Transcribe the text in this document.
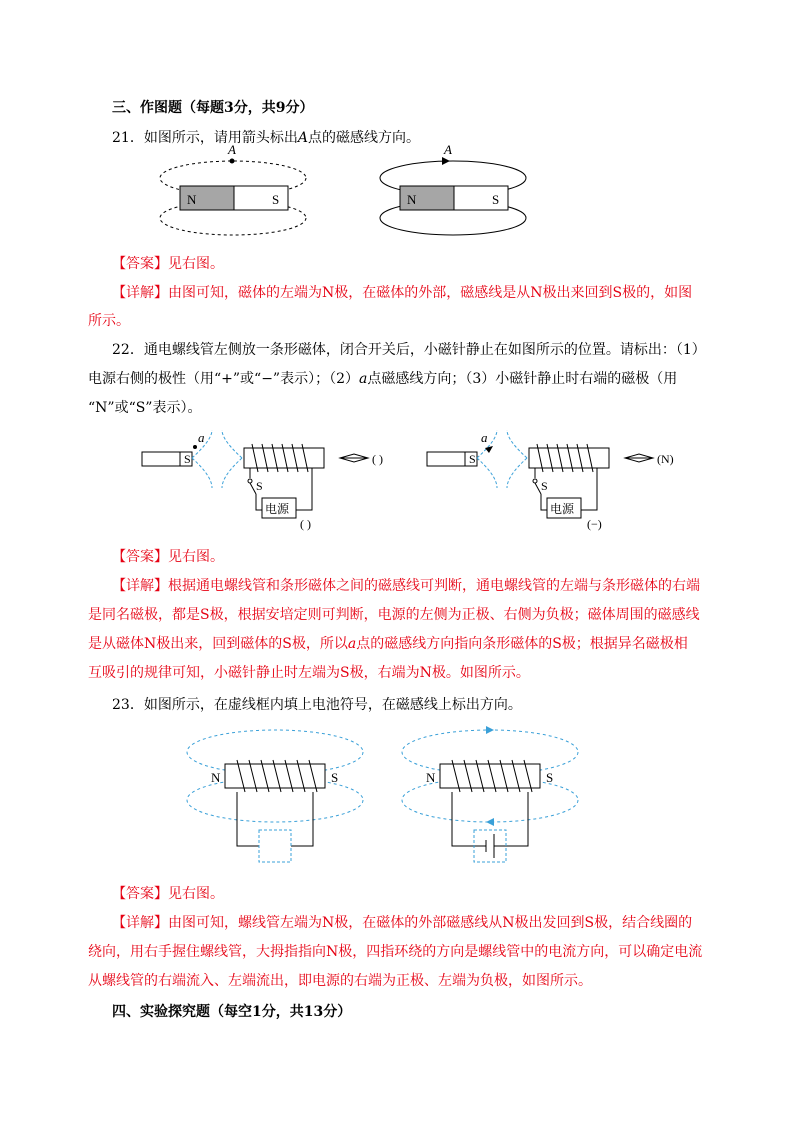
三、作图题（每题3分，共9分）
21．如图所示，请用箭头标出A点的磁感线方向。
A
N	S
A
N	S
【答案】见右图。
【详解】由图可知，磁体的左端为N极，在磁体的外部，磁感线是从N极出来回到S极的，如图
所示。
22．通电螺线管左侧放一条形磁体，闭合开关后，小磁针静止在如图所示的位置。请标出：（1）
电源右侧的极性（用“+”或“−”表示）；（2）a点磁感线方向；（3）小磁针静止时右端的磁极（用
“N”或“S”表示）。
S
a
S
电源
( )
( )	S
a
S
电源
(−)
(N)
【答案】见右图。
【详解】根据通电螺线管和条形磁体之间的磁感线可判断，通电螺线管的左端与条形磁体的右端
是同名磁极，都是S极，根据安培定则可判断，电源的左侧为正极、右侧为负极；磁体周围的磁感线
是从磁体N极出来，回到磁体的S极，所以a点的磁感线方向指向条形磁体的S极；根据异名磁极相
互吸引的规律可知，小磁针静止时左端为S极，右端为N极。如图所示。
23．如图所示，在虚线框内填上电池符号，在磁感线上标出方向。
N	S	N	S
【答案】见右图。
【详解】由图可知，螺线管左端为N极，在磁体的外部磁感线从N极出发回到S极，结合线圈的
绕向，用右手握住螺线管，大拇指指向N极，四指环绕的方向是螺线管中的电流方向，可以确定电流
从螺线管的右端流入、左端流出，即电源的右端为正极、左端为负极，如图所示。
四、实验探究题（每空1分，共13分）
